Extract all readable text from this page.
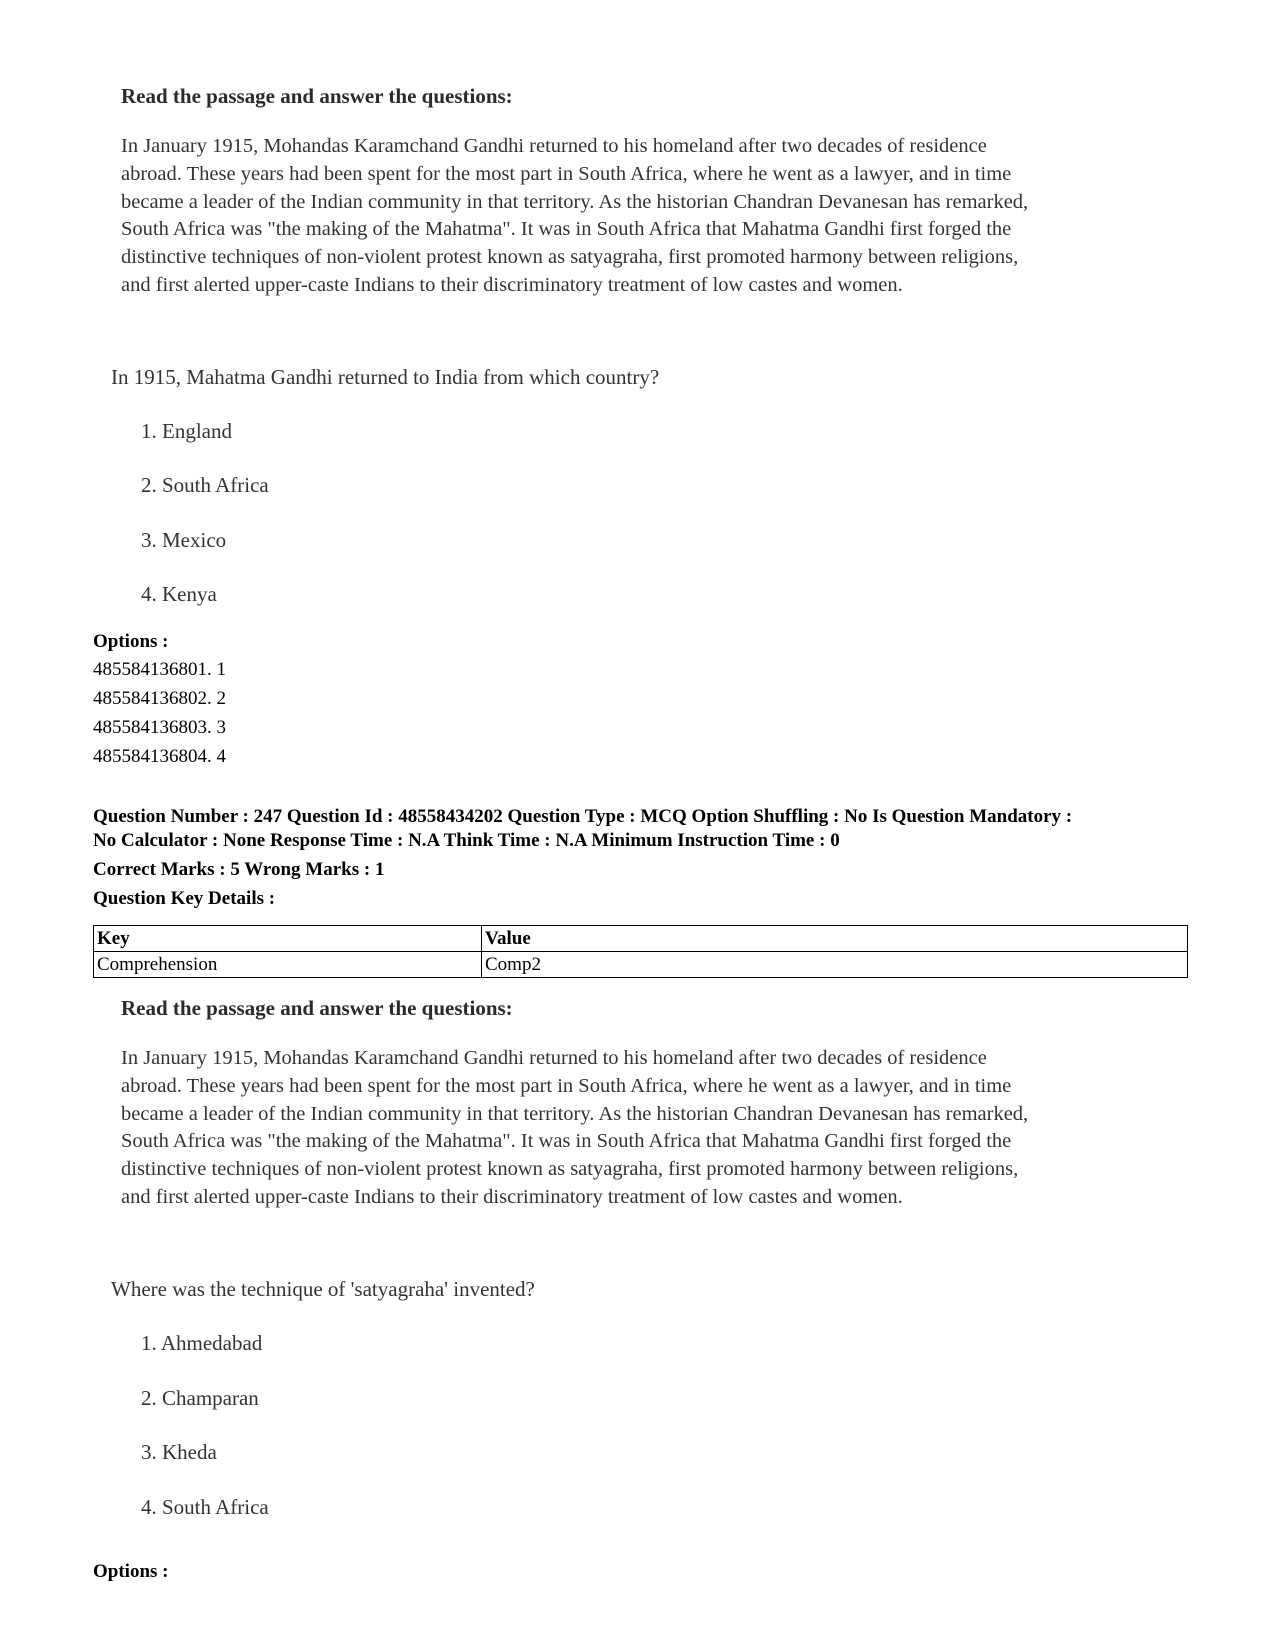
Read the passage and answer the questions:
In January 1915, Mohandas Karamchand Gandhi returned to his homeland after two decades of residence
abroad. These years had been spent for the most part in South Africa, where he went as a lawyer, and in time
became a leader of the Indian community in that territory. As the historian Chandran Devanesan has remarked,
South Africa was "the making of the Mahatma". It was in South Africa that Mahatma Gandhi first forged the
distinctive techniques of non-violent protest known as satyagraha, first promoted harmony between religions,
and first alerted upper-caste Indians to their discriminatory treatment of low castes and women.
In 1915, Mahatma Gandhi returned to India from which country?
1. England
2. South Africa
3. Mexico
4. Kenya
Options :
485584136801. 1
485584136802. 2
485584136803. 3
485584136804. 4
Question Number : 247 Question Id : 48558434202 Question Type : MCQ Option Shuffling : No Is Question Mandatory :
No Calculator : None Response Time : N.A Think Time : N.A Minimum Instruction Time : 0
Correct Marks : 5 Wrong Marks : 1
Question Key Details :
Key	Value
Comprehension	Comp2
Read the passage and answer the questions:
In January 1915, Mohandas Karamchand Gandhi returned to his homeland after two decades of residence
abroad. These years had been spent for the most part in South Africa, where he went as a lawyer, and in time
became a leader of the Indian community in that territory. As the historian Chandran Devanesan has remarked,
South Africa was "the making of the Mahatma". It was in South Africa that Mahatma Gandhi first forged the
distinctive techniques of non-violent protest known as satyagraha, first promoted harmony between religions,
and first alerted upper-caste Indians to their discriminatory treatment of low castes and women.
Where was the technique of 'satyagraha' invented?
1. Ahmedabad
2. Champaran
3. Kheda
4. South Africa
Options :
